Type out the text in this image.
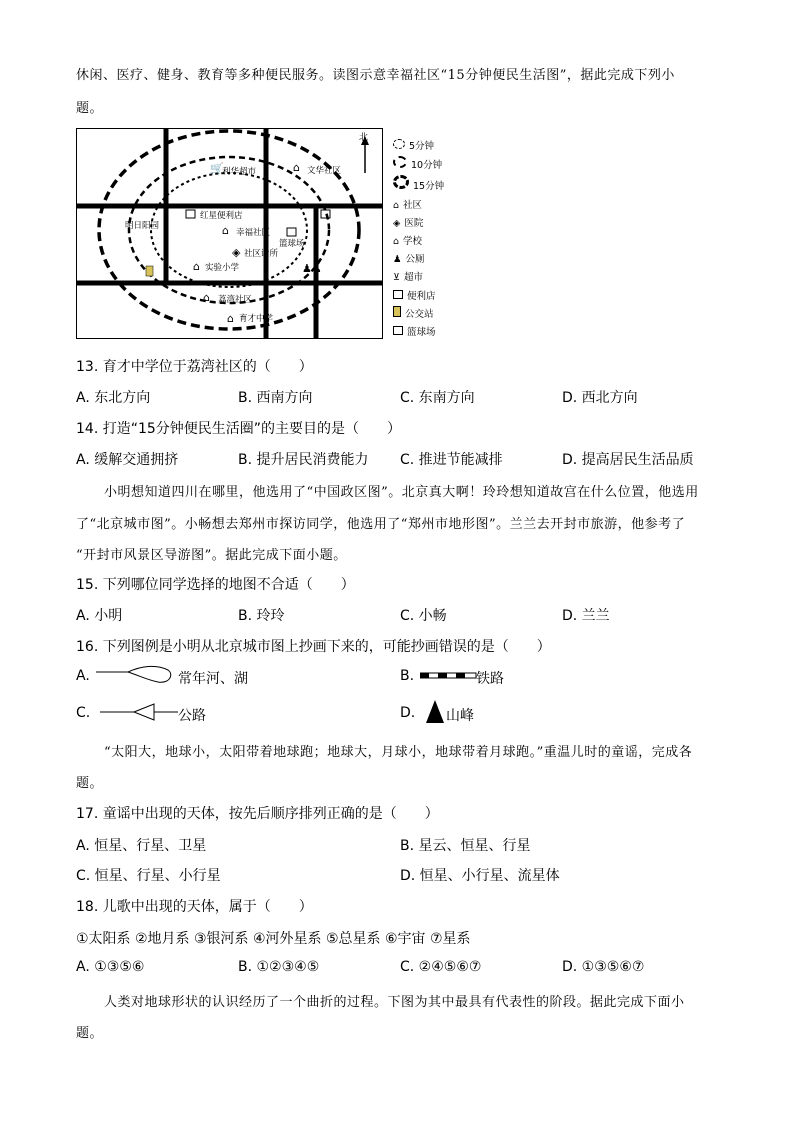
休闲、医疗、健身、教育等多种便民服务。读图示意幸福社区“15分钟便民生活图”，据此完成下列小
题。
北
🛒
利华超市	⌂ 文华社区
红星便利店
⌂ 幸福社区
明日阳园
◈ 社区诊所
篮球场
⌂ 实验小学	♟♟
⌂ 荔湾社区
⌂ 育才中学
5分钟
10分钟
15分钟
⌂ 社区
◈ 医院
⌂ 学校
♟ 公厕
⊻ 超市
便利店
公交站
篮球场
13. 育才中学位于荔湾社区的（　　）
A. 东北方向	B. 西南方向	C. 东南方向	D. 西北方向
14. 打造“15分钟便民生活圈”的主要目的是（　　）
A. 缓解交通拥挤	B. 提升居民消费能力 C. 推进节能减排	D. 提高居民生活品质
小明想知道四川在哪里，他选用了“中国政区图”。北京真大啊！玲玲想知道故宫在什么位置，他选用
了“北京城市图”。小畅想去郑州市探访同学，他选用了“郑州市地形图”。兰兰去开封市旅游，他参考了
“开封市风景区导游图”。据此完成下面小题。
15. 下列哪位同学选择的地图不合适（　　）
A. 小明	B. 玲玲	C. 小畅	D. 兰兰
16. 下列图例是小明从北京城市图上抄画下来的，可能抄画错误的是（　　）
A.	常年河、湖	B.	铁路
C.	公路	D. 山峰
“太阳大，地球小，太阳带着地球跑；地球大，月球小，地球带着月球跑。”重温儿时的童谣，完成各
题。
17. 童谣中出现的天体，按先后顺序排列正确的是（　　）
A. 恒星、行星、卫星	B. 星云、恒星、行星
C. 恒星、行星、小行星	D. 恒星、小行星、流星体
18. 儿歌中出现的天体，属于（　　）
①太阳系 ②地月系 ③银河系 ④河外星系 ⑤总星系 ⑥宇宙 ⑦星系
A. ①③⑤⑥	B. ①②③④⑤	C. ②④⑤⑥⑦	D. ①③⑤⑥⑦
人类对地球形状的认识经历了一个曲折的过程。下图为其中最具有代表性的阶段。据此完成下面小
题。
